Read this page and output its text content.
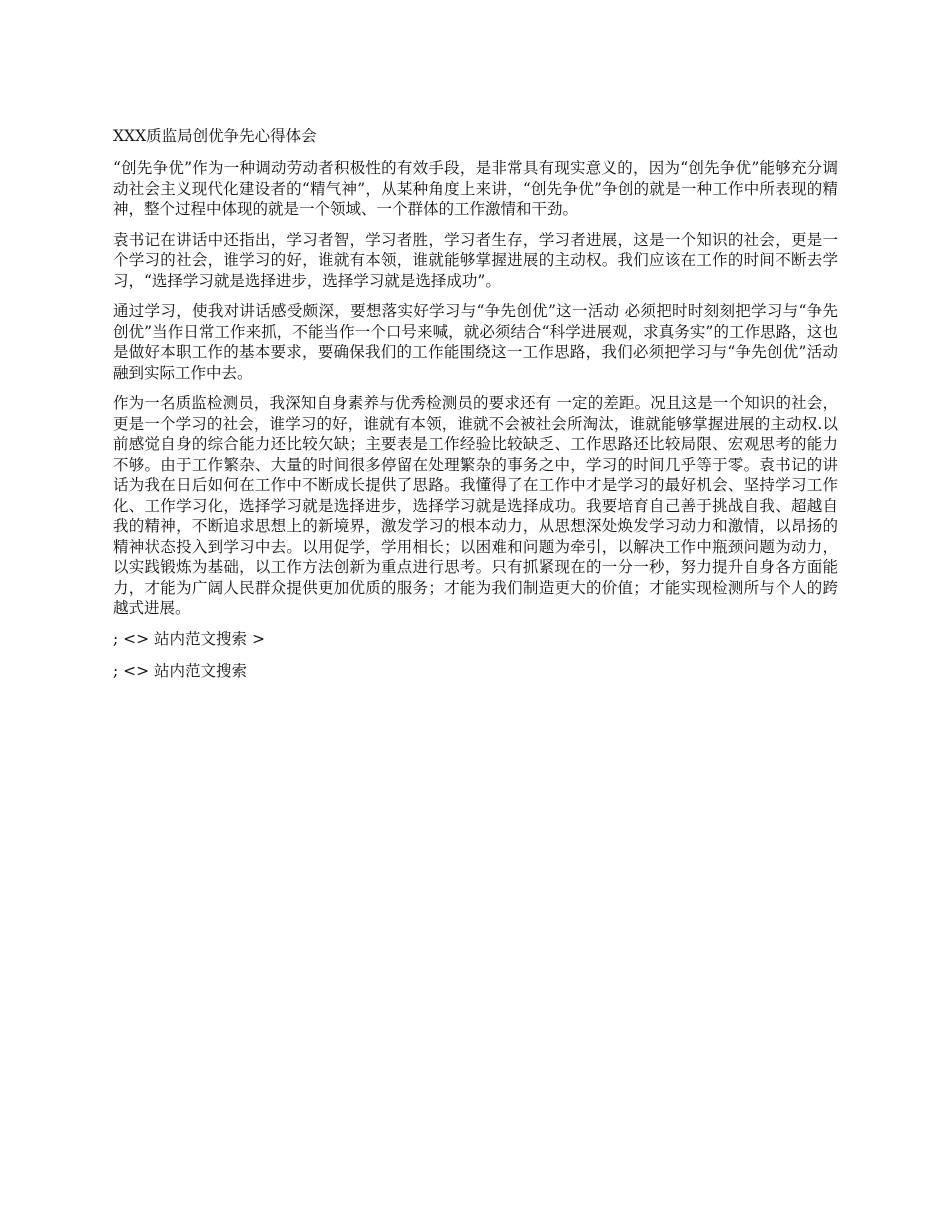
XXX质监局创优争先心得体会

“创先争优”作为一种调动劳动者积极性的有效手段，是非常具有现实意义的，因为“创先争优”能够充分调动社会主义现代化建设者的“精气神”，从某种角度上来讲，“创先争优”争创的就是一种工作中所表现的精神，整个过程中体现的就是一个领域、一个群体的工作激情和干劲。

袁书记在讲话中还指出，学习者智，学习者胜，学习者生存，学习者进展，这是一个知识的社会，更是一个学习的社会，谁学习的好，谁就有本领，谁就能够掌握进展的主动权。我们应该在工作的时间不断去学习，“选择学习就是选择进步，选择学习就是选择成功”。

通过学习，使我对讲话感受颇深，要想落实好学习与“争先创优”这一活动 必须把时时刻刻把学习与“争先创优”当作日常工作来抓，不能当作一个口号来喊，就必须结合“科学进展观，求真务实”的工作思路，这也是做好本职工作的基本要求，要确保我们的工作能围绕这一工作思路，我们必须把学习与“争先创优”活动融到实际工作中去。

作为一名质监检测员，我深知自身素养与优秀检测员的要求还有 一定的差距。况且这是一个知识的社会，更是一个学习的社会，谁学习的好，谁就有本领，谁就不会被社会所淘汰，谁就能够掌握进展的主动权.以前感觉自身的综合能力还比较欠缺；主要表是工作经验比较缺乏、工作思路还比较局限、宏观思考的能力不够。由于工作繁杂、大量的时间很多停留在处理繁杂的事务之中，学习的时间几乎等于零。袁书记的讲话为我在日后如何在工作中不断成长提供了思路。我懂得了在工作中才是学习的最好机会、坚持学习工作化、工作学习化，选择学习就是选择进步，选择学习就是选择成功。我要培育自己善于挑战自我、超越自我的精神，不断追求思想上的新境界，激发学习的根本动力，从思想深处焕发学习动力和激情，以昂扬的精神状态投入到学习中去。以用促学，学用相长；以困难和问题为牵引，以解决工作中瓶颈问题为动力，以实践锻炼为基础，以工作方法创新为重点进行思考。只有抓紧现在的一分一秒，努力提升自身各方面能力，才能为广阔人民群众提供更加优质的服务；才能为我们制造更大的价值；才能实现检测所与个人的跨越式进展。

; <> 站内范文搜索 >
; <> 站内范文搜索
